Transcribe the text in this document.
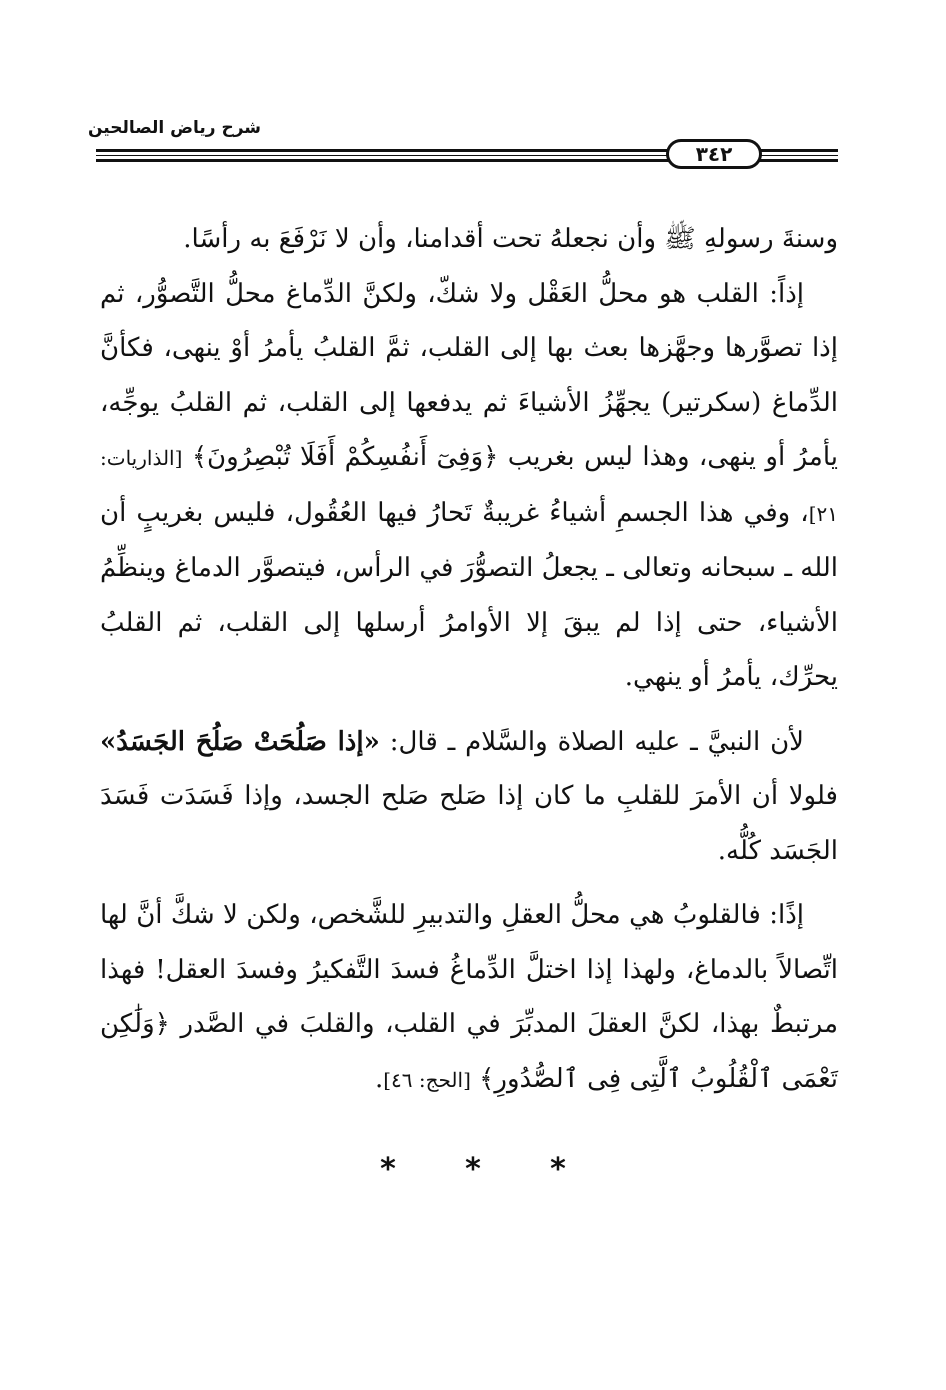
شرح رياض الصالحين
٣٤٢

وسنةَ رسولهِ ﷺ وأن نجعلهُ تحت أقدامنا، وأن لا نَرْفَعَ به رأسًا.

إذاً: القلب هو محلُّ العَقْل ولا شكّ، ولكنَّ الدِّماغ محلُّ التَّصوُّر، ثم إذا تصوَّرها وجهَّزها بعث بها إلى القلب، ثمَّ القلبُ يأمرُ أوْ ينهى، فكأنَّ الدِّماغ (سكرتير) يجهِّزُ الأشياءَ ثم يدفعها إلى القلب، ثم القلبُ يوجِّه، يأمرُ أو ينهى، وهذا ليس بغريب ﴿وَفِىٓ أَنفُسِكُمْ أَفَلَا تُبْصِرُونَ﴾ [الذاريات: ٢١]، وفي هذا الجسمِ أشياءُ غريبةٌ تَحارُ فيها العُقُول، فليس بغريبٍ أن الله ـ سبحانه وتعالى ـ يجعلُ التصوُّرَ في الرأس، فيتصوَّر الدماغ وينظِّمُ الأشياء، حتى إذا لم يبقَ إلا الأوامرُ أرسلها إلى القلب، ثم القلبُ يحرِّك، يأمرُ أو ينهي.

لأن النبيَّ ـ عليه الصلاة والسَّلام ـ قال: «إذا صَلُحَتْ صَلُحَ الجَسَدُ» فلولا أن الأمرَ للقلبِ ما كان إذا صَلح صَلح الجسد، وإذا فَسَدَت فَسَدَ الجَسَد كُلُّه.

إذًا: فالقلوبُ هي محلُّ العقلِ والتدبيرِ للشَّخص، ولكن لا شكَّ أنَّ لها اتِّصالاً بالدماغ، ولهذا إذا اختلَّ الدِّماغُ فسدَ التَّفكيرُ وفسدَ العقل! فهذا مرتبطٌ بهذا، لكنَّ العقلَ المدبِّرَ في القلب، والقلبَ في الصَّدر ﴿وَلَٰكِن تَعْمَى ٱلْقُلُوبُ ٱلَّتِى فِى ٱلصُّدُورِ﴾ [الحج: ٤٦].

* * *
